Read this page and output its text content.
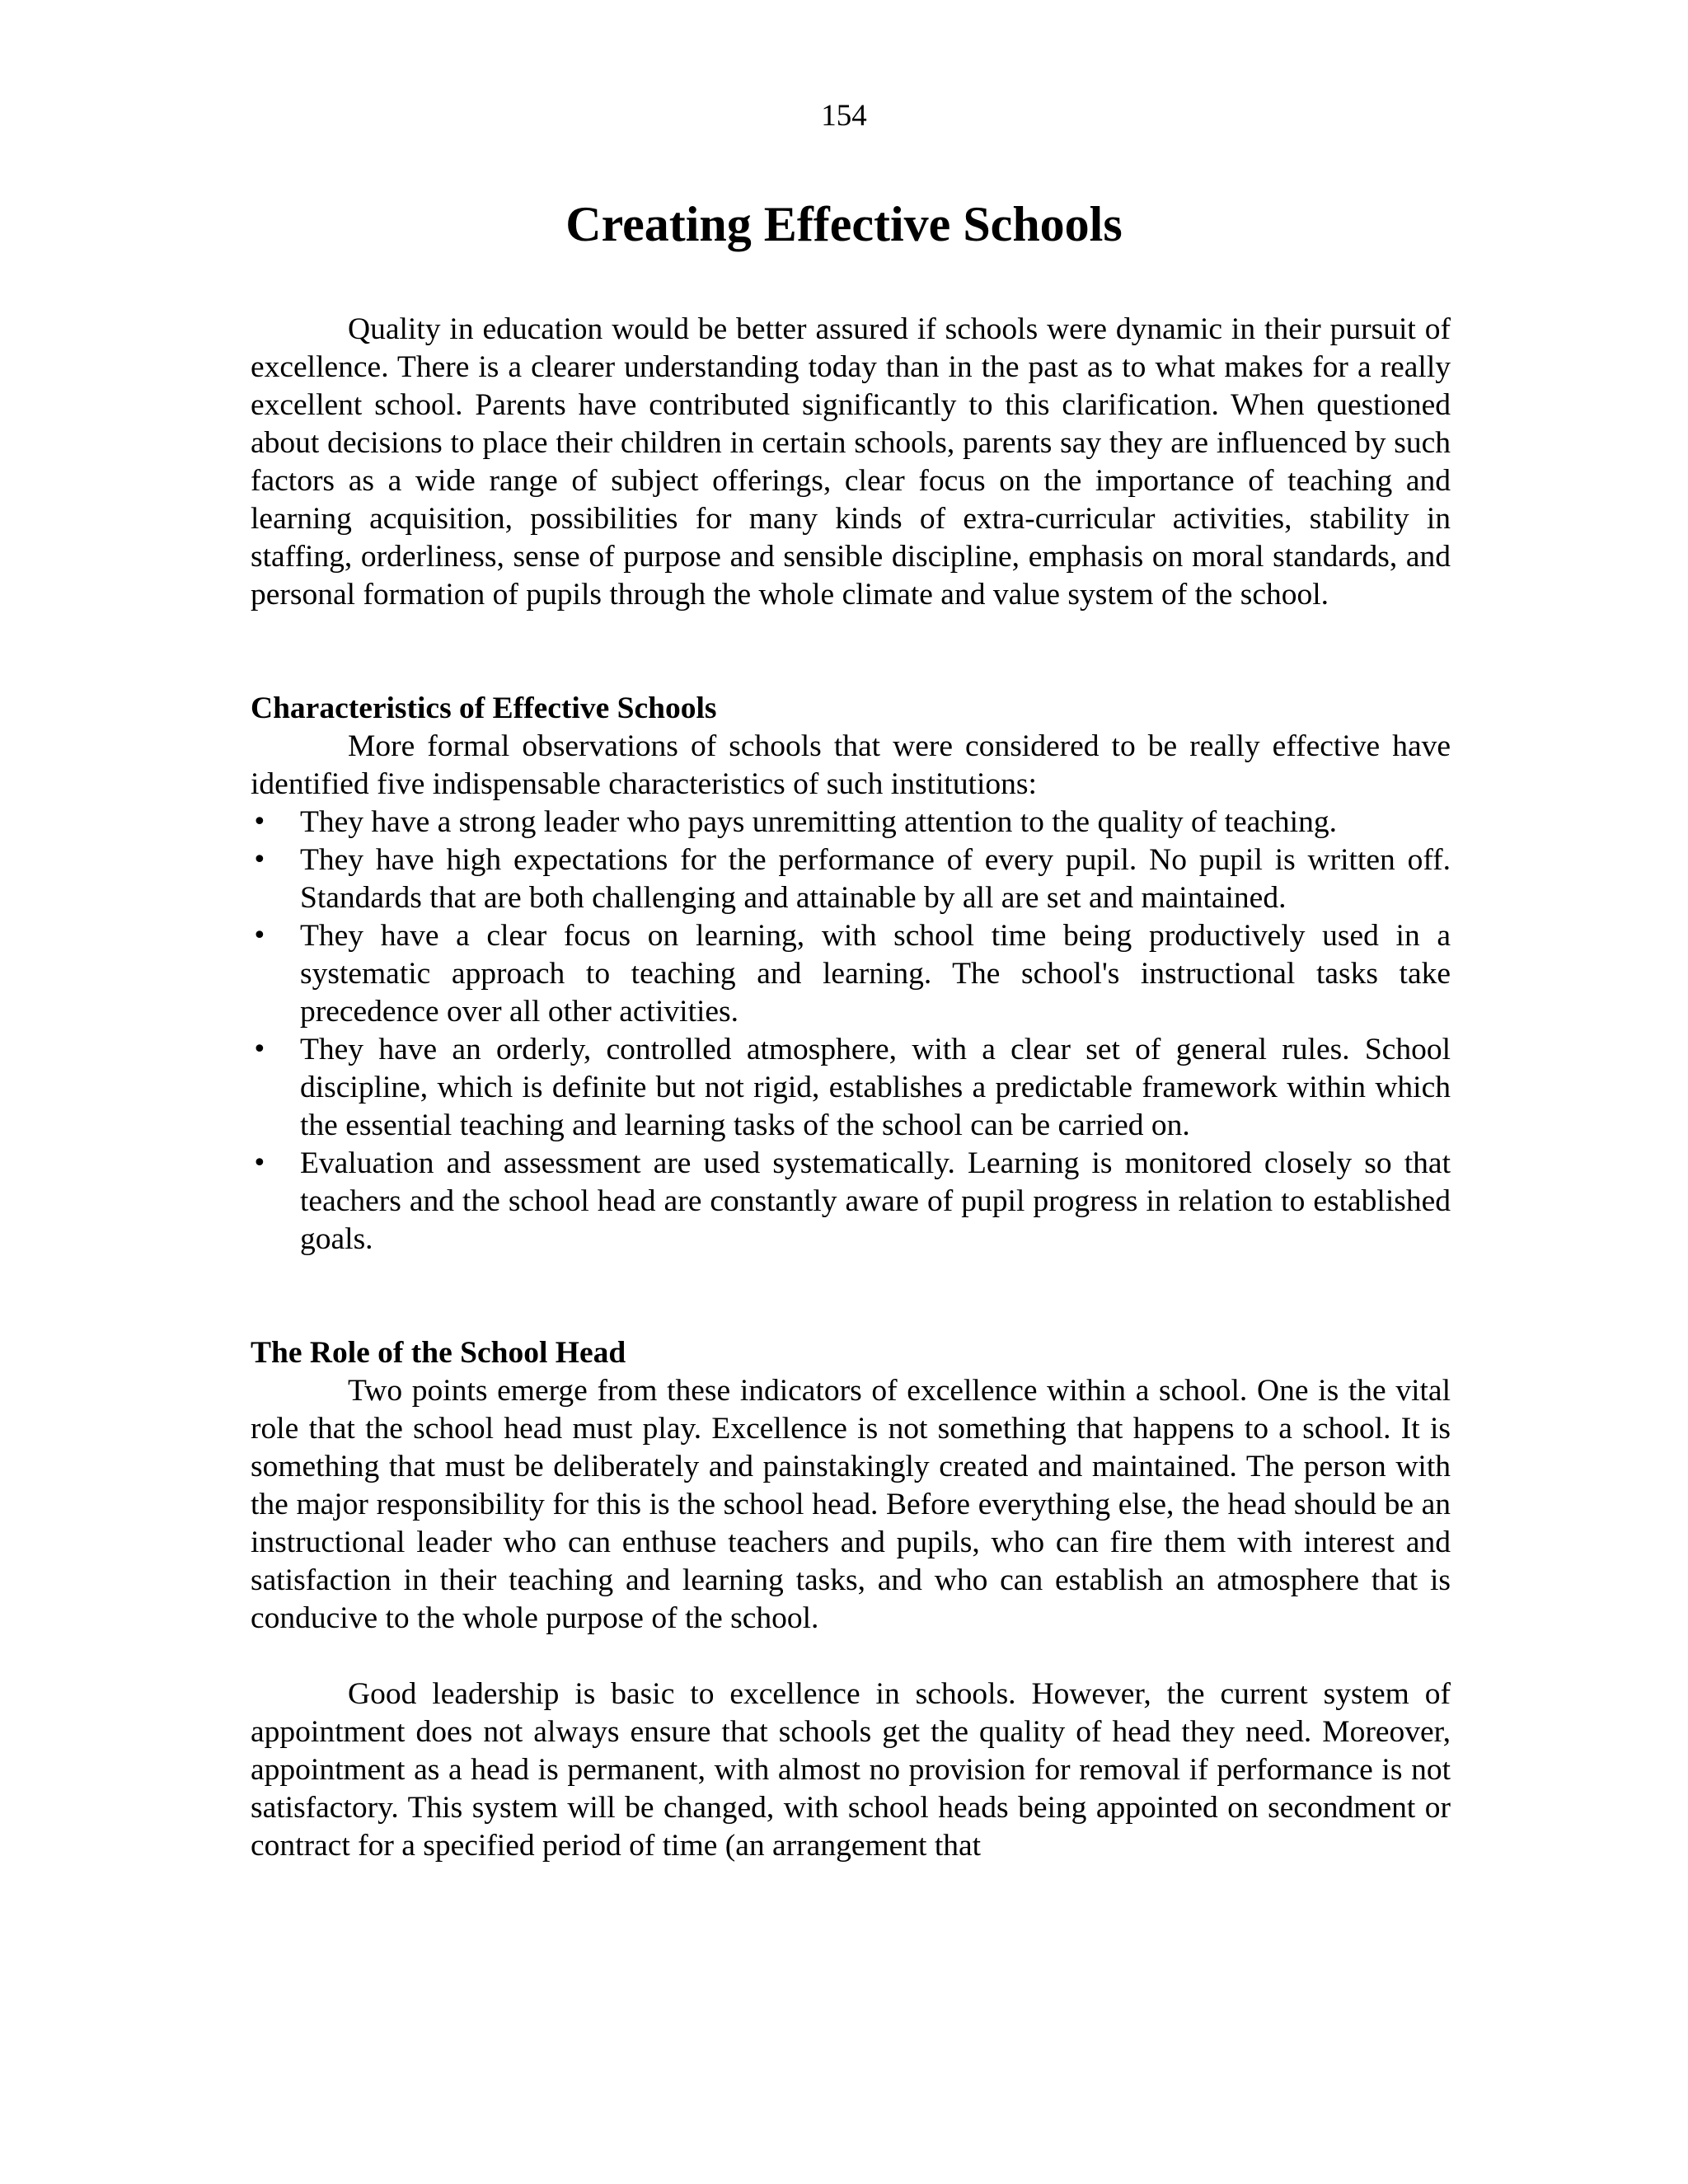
154
Creating Effective Schools

Quality in education would be better assured if schools were dynamic in their pursuit of excellence. There is a clearer understanding today than in the past as to what makes for a really excellent school. Parents have contributed significantly to this clarification. When questioned about decisions to place their children in certain schools, parents say they are influenced by such factors as a wide range of subject offerings, clear focus on the importance of teaching and learning acquisition, possibilities for many kinds of extra-curricular activities, stability in staffing, orderliness, sense of purpose and sensible discipline, emphasis on moral standards, and personal formation of pupils through the whole climate and value system of the school.

Characteristics of Effective Schools

More formal observations of schools that were considered to be really effective have identified five indispensable characteristics of such institutions:

•	They have a strong leader who pays unremitting attention to the quality of teaching.
•	They have high expectations for the performance of every pupil. No pupil is written off. Standards that are both challenging and attainable by all are set and maintained.
•	They have a clear focus on learning, with school time being productively used in a systematic approach to teaching and learning. The school's instructional tasks take precedence over all other activities.
•	They have an orderly, controlled atmosphere, with a clear set of general rules. School discipline, which is definite but not rigid, establishes a predictable framework within which the essential teaching and learning tasks of the school can be carried on.
•	Evaluation and assessment are used systematically. Learning is monitored closely so that teachers and the school head are constantly aware of pupil progress in relation to established goals.
The Role of the School Head

Two points emerge from these indicators of excellence within a school. One is the vital role that the school head must play. Excellence is not something that happens to a school. It is something that must be deliberately and painstakingly created and maintained. The person with the major responsibility for this is the school head. Before everything else, the head should be an instructional leader who can enthuse teachers and pupils, who can fire them with interest and satisfaction in their teaching and learning tasks, and who can establish an atmosphere that is conducive to the whole purpose of the school.

Good leadership is basic to excellence in schools. However, the current system of appointment does not always ensure that schools get the quality of head they need. Moreover, appointment as a head is permanent, with almost no provision for removal if performance is not satisfactory. This system will be changed, with school heads being appointed on secondment or contract for a specified period of time (an arrangement that
